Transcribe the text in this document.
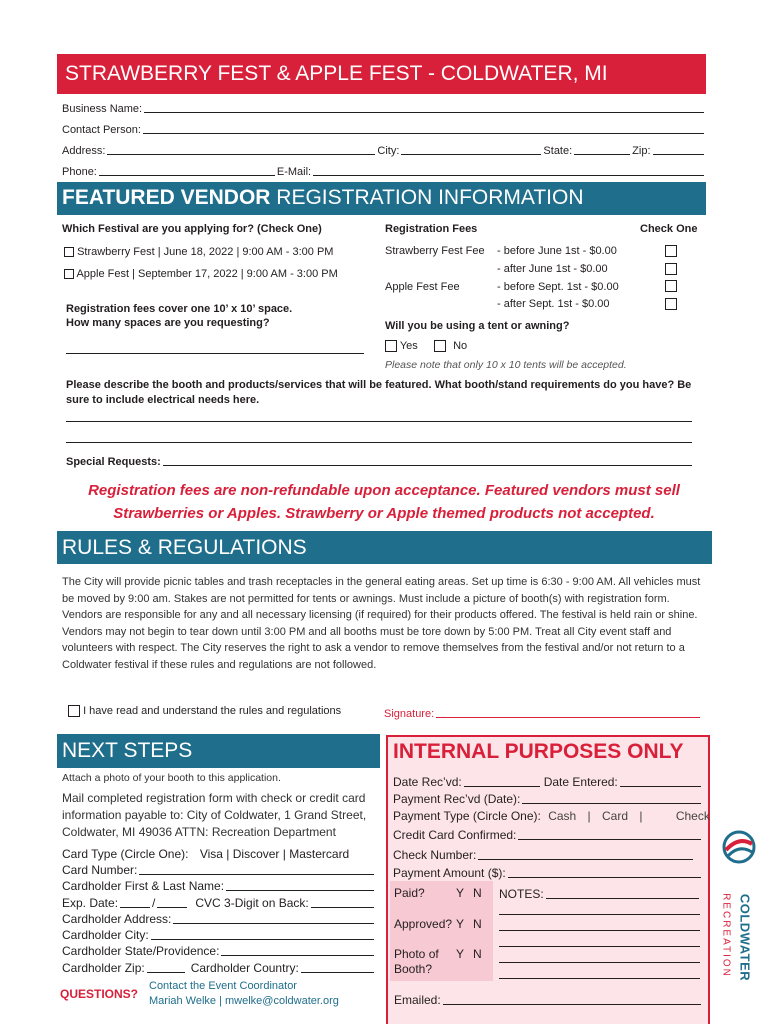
STRAWBERRY FEST & APPLE FEST - COLDWATER, MI
Business Name:
Contact Person:
Address:	City:	State:	Zip:
Phone:	E-Mail:
FEATURED VENDOR REGISTRATION INFORMATION
Which Festival are you applying for? (Check One)
Strawberry Fest | June 18, 2022 | 9:00 AM - 3:00 PM
Apple Fest | September 17, 2022 | 9:00 AM - 3:00 PM
Registration fees cover one 10’ x 10’ space.
How many spaces are you requesting?
Registration Fees	Check One
Strawberry Fest Fee - before June 1st - $0.00
- after June 1st - $0.00
Apple Fest Fee	- before Sept. 1st - $0.00
- after Sept. 1st - $0.00
Will you be using a tent or awning?
Yes	No
Please note that only 10 x 10 tents will be accepted.
Please describe the booth and products/services that will be featured. What booth/stand requirements do you have? Be sure to include electrical needs here.
Special Requests:
Registration fees are non-refundable upon acceptance. Featured vendors must sell Strawberries or Apples. Strawberry or Apple themed products not accepted.
RULES & REGULATIONS
The City will provide picnic tables and trash receptacles in the general eating areas. Set up time is 6:30 - 9:00 AM. All vehicles must be moved by 9:00 am. Stakes are not permitted for tents or awnings. Must include a picture of booth(s) with registration form. Vendors are responsible for any and all necessary licensing (if required) for their products offered. The festival is held rain or shine. Vendors may not begin to tear down until 3:00 PM and all booths must be tore down by 5:00 PM. Treat all City event staff and volunteers with respect. The City reserves the right to ask a vendor to remove themselves from the festival and/or not return to a Coldwater festival if these rules and regulations are not followed.
I have read and understand the rules and regulations	Signature:
NEXT STEPS
Attach a photo of your booth to this application.
Mail completed registration form with check or credit card information payable to: City of Coldwater, 1 Grand Street, Coldwater, MI 49036 ATTN: Recreation Department
Card Type (Circle One): Visa | Discover | Mastercard
Card Number:
Cardholder First & Last Name:
Exp. Date:	/	CVC 3-Digit on Back:
Cardholder Address:
Cardholder City:
Cardholder State/Providence:
Cardholder Zip:	Cardholder Country:
QUESTIONS?
Contact the Event Coordinator
Mariah Welke | mwelke@coldwater.org
INTERNAL PURPOSES ONLY
Date Rec’vd:	Date Entered:
Payment Rec’vd (Date):
Payment Type (Circle One): Cash | Card |	Check
Credit Card Confirmed:
Check Number:
Payment Amount ($):
Paid?	Y N
Approved? Y N
Photo of
Booth?
Y N
NOTES:
Emailed:
COLDWATER
RECREATION
